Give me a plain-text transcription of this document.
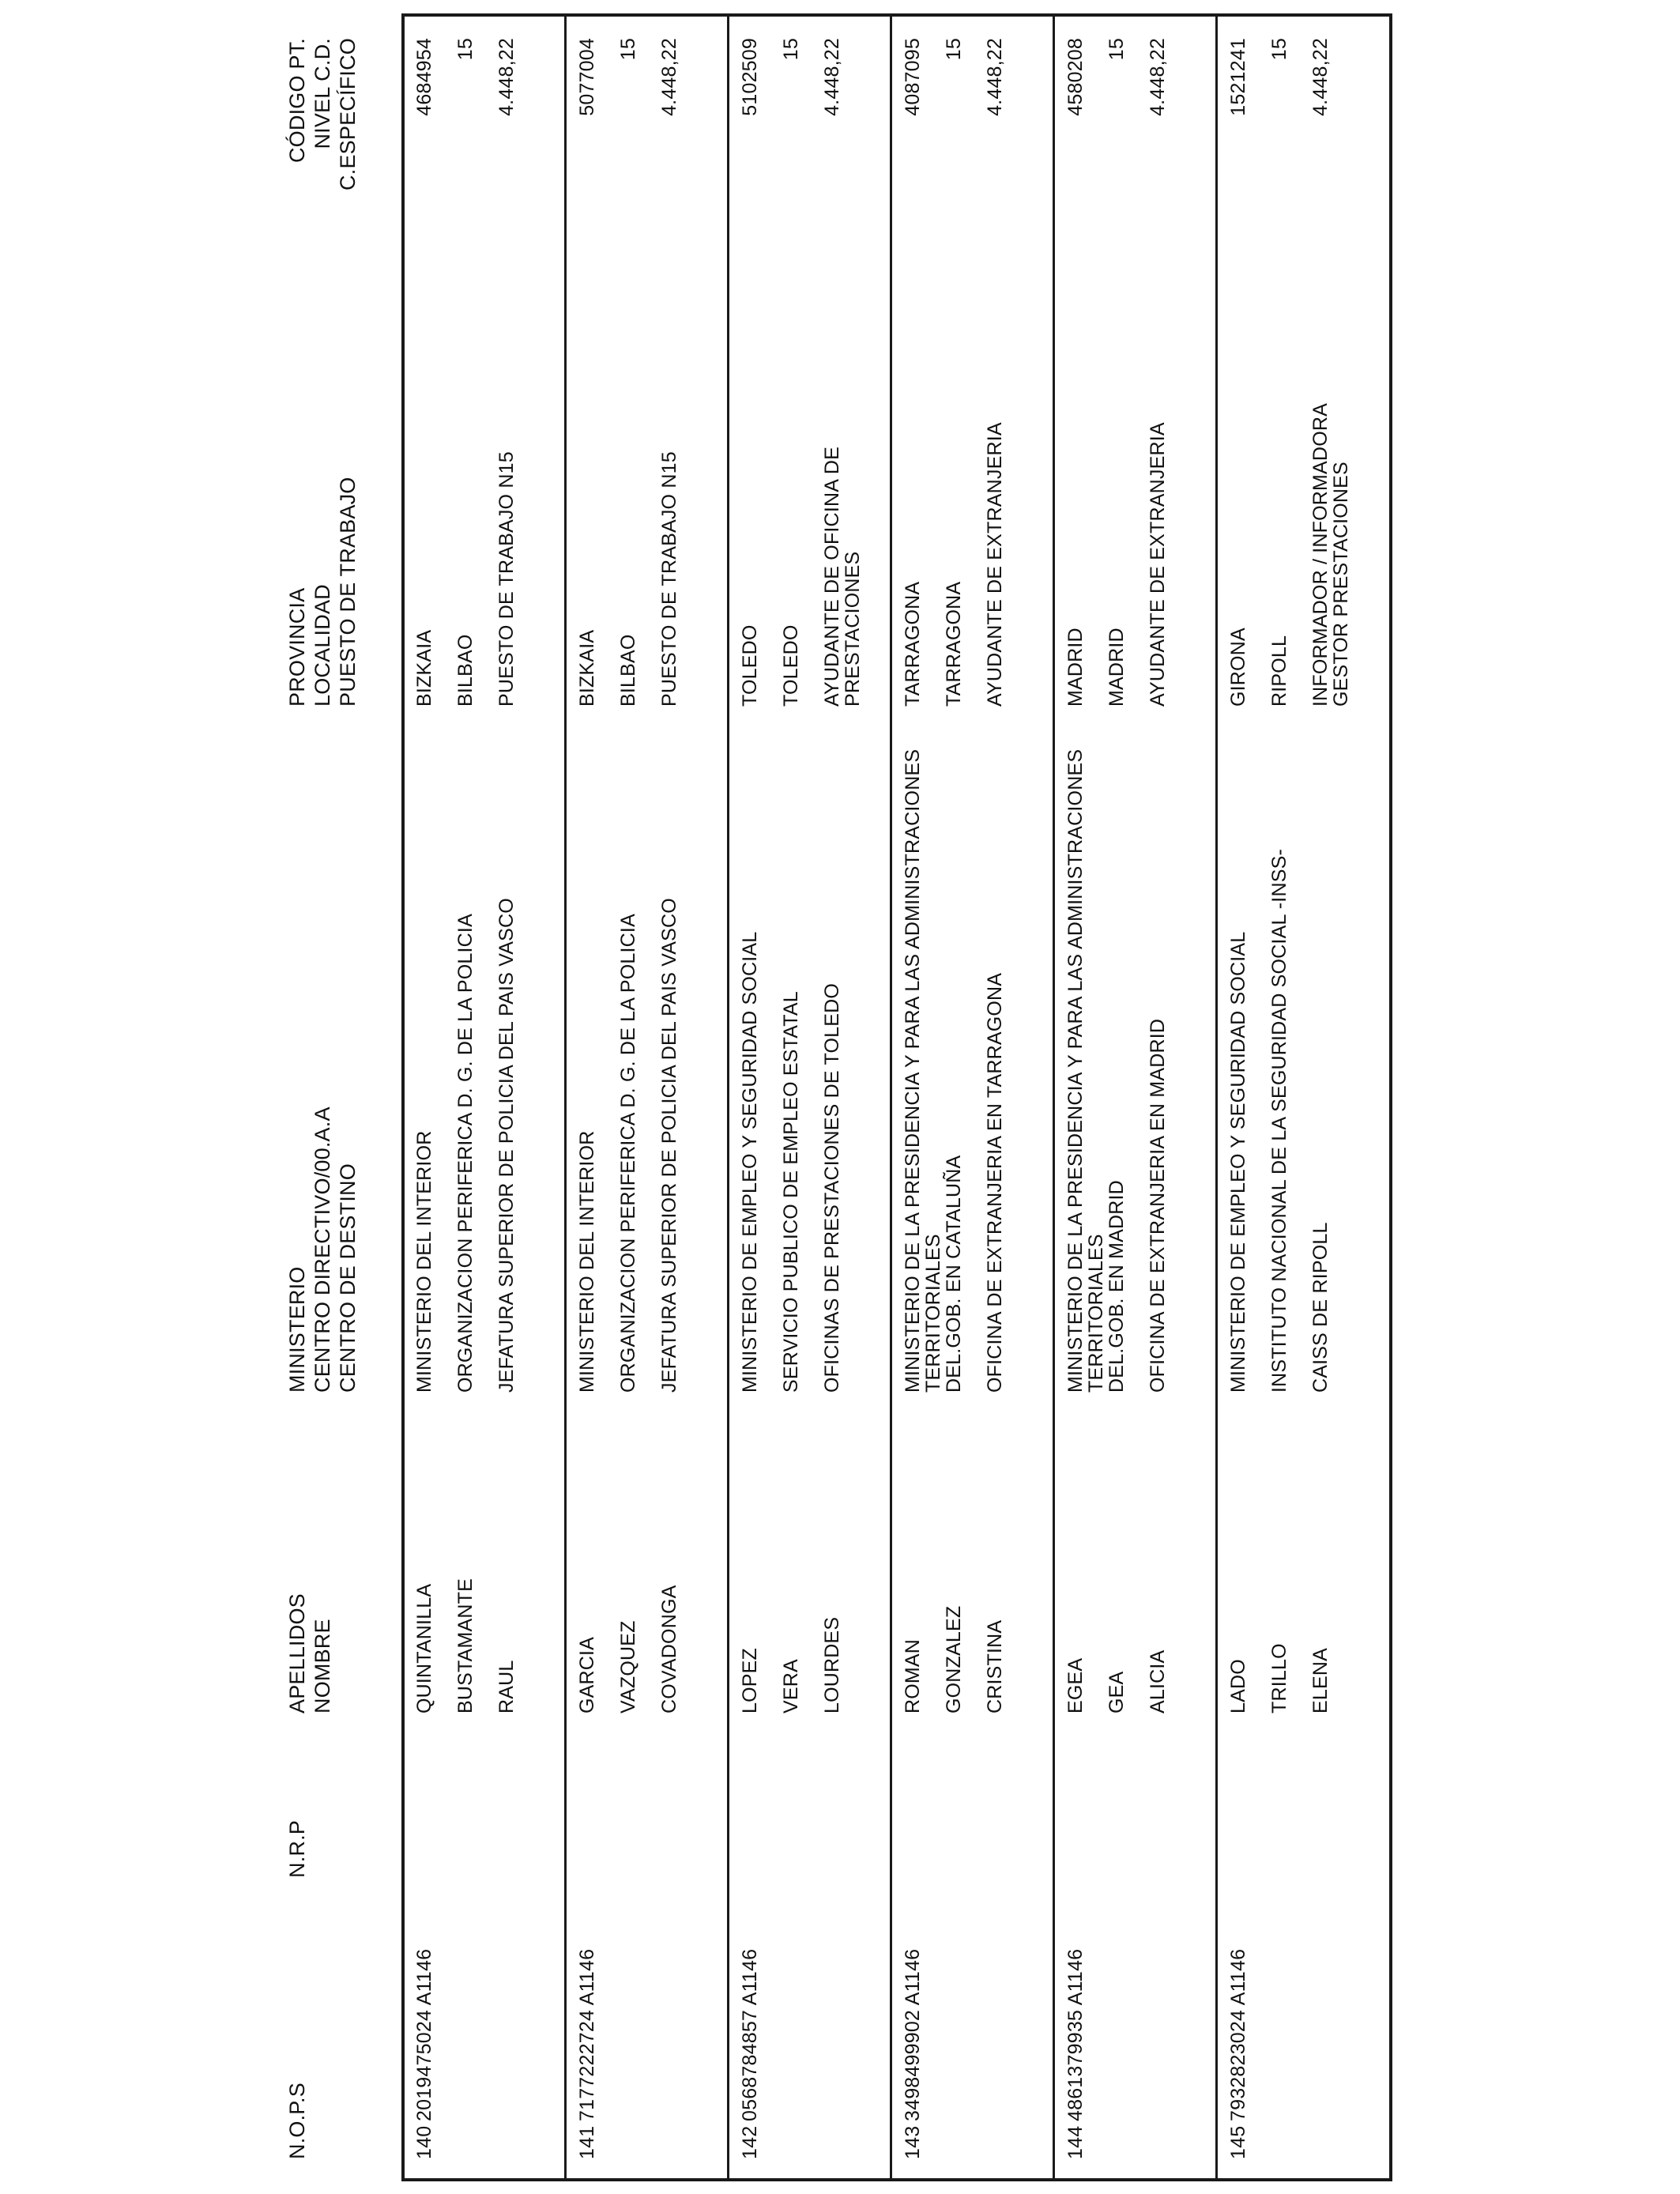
N.O.P.S
N.R.P
APELLIDOS NOMBRE
MINISTERIO CENTRO DIRECTIVO/00.A.A CENTRO DE DESTINO
PROVINCIA LOCALIDAD PUESTO DE TRABAJO
CÓDIGO PT. NIVEL C.D. C.ESPECÍFICO
140
2019475024 A1146
QUINTANILLA BUSTAMANTE RAUL
MINISTERIO DEL INTERIOR
BIZKAIA BILBAO PUESTO DE TRABAJO N15
ORGANIZACION PERIFERICA D. G. DE LA POLICIA JEFATURA SUPERIOR DE POLICIA DEL PAIS VASCO
4684954 15 4.448,22
141
7177222724 A1146
GARCIA VAZQUEZ COVADONGA
MINISTERIO DEL INTERIOR
BIZKAIA BILBAO PUESTO DE TRABAJO N15
ORGANIZACION PERIFERICA D. G. DE LA POLICIA JEFATURA SUPERIOR DE POLICIA DEL PAIS VASCO
5077004 15 4.448,22
142
0568784857 A1146
LOPEZ VERA LOURDES
MINISTERIO DE EMPLEO Y SEGURIDAD SOCIAL
TOLEDO TOLEDO AYUDANTE DE OFICINA DE
PRESTACIONES
SERVICIO PUBLICO DE EMPLEO ESTATAL OFICINAS DE PRESTACIONES DE TOLEDO
5102509 15 4.448,22
143
3498499902 A1146
ROMAN GONZALEZ CRISTINA
MINISTERIO DE LA PRESIDENCIA Y PARA LAS ADMINISTRACIONES
TARRAGONA TARRAGONA AYUDANTE DE EXTRANJERIA
TERRITORIALES
DEL.GOB. EN CATALUÑA OFICINA DE EXTRANJERIA EN TARRAGONA
4087095 15 4.448,22
144
4861379935 A1146
EGEA GEA ALICIA
MINISTERIO DE LA PRESIDENCIA Y PARA LAS ADMINISTRACIONES
MADRID MADRID AYUDANTE DE EXTRANJERIA
TERRITORIALES
DEL.GOB. EN MADRID OFICINA DE EXTRANJERIA EN MADRID
4580208 15 4.448,22
145
7932823024 A1146
LADO TRILLO ELENA
MINISTERIO DE EMPLEO Y SEGURIDAD SOCIAL
GIRONA RIPOLL INFORMADOR / INFORMADORA
GESTOR PRESTACIONES
INSTITUTO NACIONAL DE LA SEGURIDAD SOCIAL -INSS- CAISS DE RIPOLL
1521241 15 4.448,22
